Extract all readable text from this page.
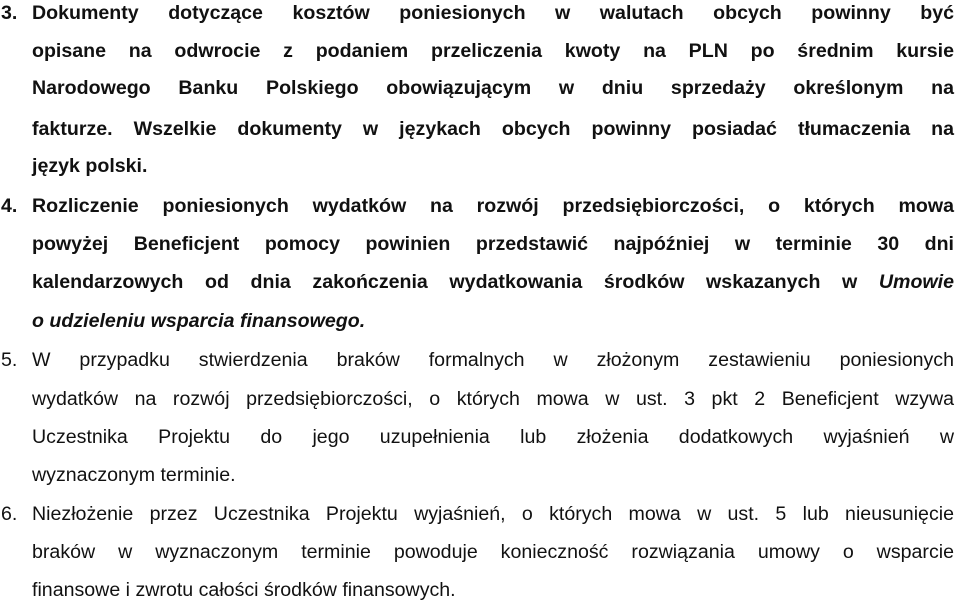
3. Dokumenty dotyczące kosztów poniesionych w walutach obcych powinny być
opisane na odwrocie z podaniem przeliczenia kwoty na PLN po średnim kursie
Narodowego Banku Polskiego obowiązującym w dniu sprzedaży określonym na
fakturze. Wszelkie dokumenty w językach obcych powinny posiadać tłumaczenia na
język polski.
4. Rozliczenie poniesionych wydatków na rozwój przedsiębiorczości, o których mowa
powyżej Beneficjent pomocy powinien przedstawić najpóźniej w terminie 30 dni
kalendarzowych od dnia zakończenia wydatkowania środków wskazanych w Umowie
o udzieleniu wsparcia finansowego.
5. W przypadku stwierdzenia braków formalnych w złożonym zestawieniu poniesionych
wydatków na rozwój przedsiębiorczości, o których mowa w ust. 3 pkt 2 Beneficjent wzywa
Uczestnika Projektu do jego uzupełnienia lub złożenia dodatkowych wyjaśnień w
wyznaczonym terminie.
6. Niezłożenie przez Uczestnika Projektu wyjaśnień, o których mowa w ust. 5 lub nieusunięcie
braków w wyznaczonym terminie powoduje konieczność rozwiązania umowy o wsparcie
finansowe i zwrotu całości środków finansowych.
